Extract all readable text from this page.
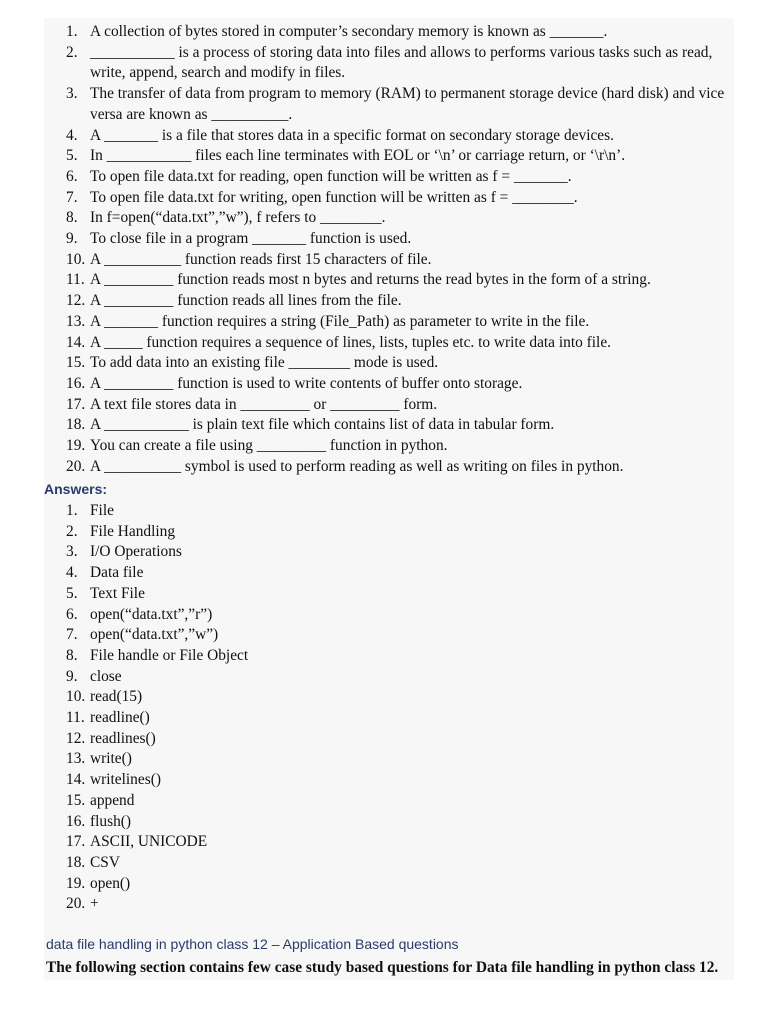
1. A collection of bytes stored in computer’s secondary memory is known as _______.
2. ___________ is a process of storing data into files and allows to performs various tasks such as read, write, append, search and modify in files.
3. The transfer of data from program to memory (RAM) to permanent storage device (hard disk) and vice versa are known as __________.
4. A _______ is a file that stores data in a specific format on secondary storage devices.
5. In ___________ files each line terminates with EOL or ‘\n’ or carriage return, or ‘\r\n’.
6. To open file data.txt for reading, open function will be written as f = _______.
7. To open file data.txt for writing, open function will be written as f = ________.
8. In f=open(“data.txt”,”w”), f refers to ________.
9. To close file in a program _______ function is used.
10. A __________ function reads first 15 characters of file.
11. A _________ function reads most n bytes and returns the read bytes in the form of a string.
12. A _________ function reads all lines from the file.
13. A _______ function requires a string (File_Path) as parameter to write in the file.
14. A _____ function requires a sequence of lines, lists, tuples etc. to write data into file.
15. To add data into an existing file ________ mode is used.
16. A _________ function is used to write contents of buffer onto storage.
17. A text file stores data in _________ or _________ form.
18. A ___________ is plain text file which contains list of data in tabular form.
19. You can create a file using _________ function in python.
20. A __________ symbol is used to perform reading as well as writing on files in python.
Answers:
1. File
2. File Handling
3. I/O Operations
4. Data file
5. Text File
6. open(“data.txt”,”r”)
7. open(“data.txt”,”w”)
8. File handle or File Object
9. close
10. read(15)
11. readline()
12. readlines()
13. write()
14. writelines()
15. append
16. flush()
17. ASCII, UNICODE
18. CSV
19. open()
20. +
data file handling in python class 12 – Application Based questions
The following section contains few case study based questions for Data file handling in python class 12.
